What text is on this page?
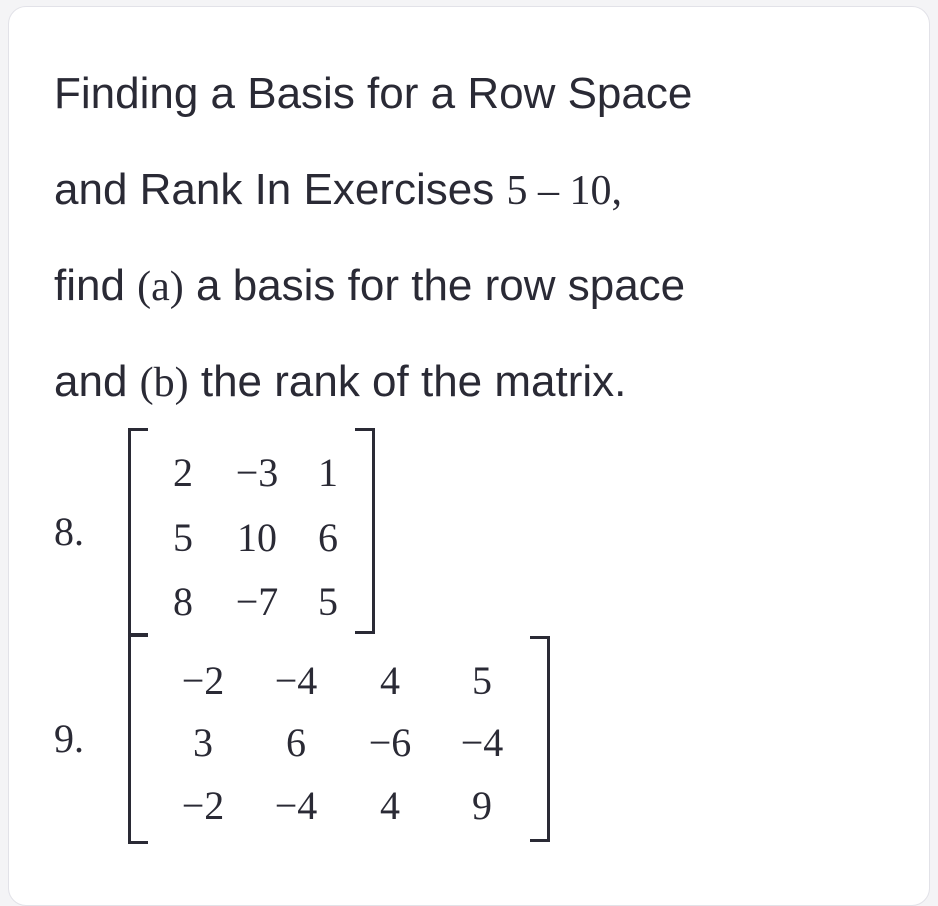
Finding a Basis for a Row Space
and Rank In Exercises 5 – 10,
find (a) a basis for the row space
and (b) the rank of the matrix.
8.
2	−3 1
5	10	6
8	−7 5
9.
−2	−4	4	5
3	6	−6	−4
−2	−4	4	9
